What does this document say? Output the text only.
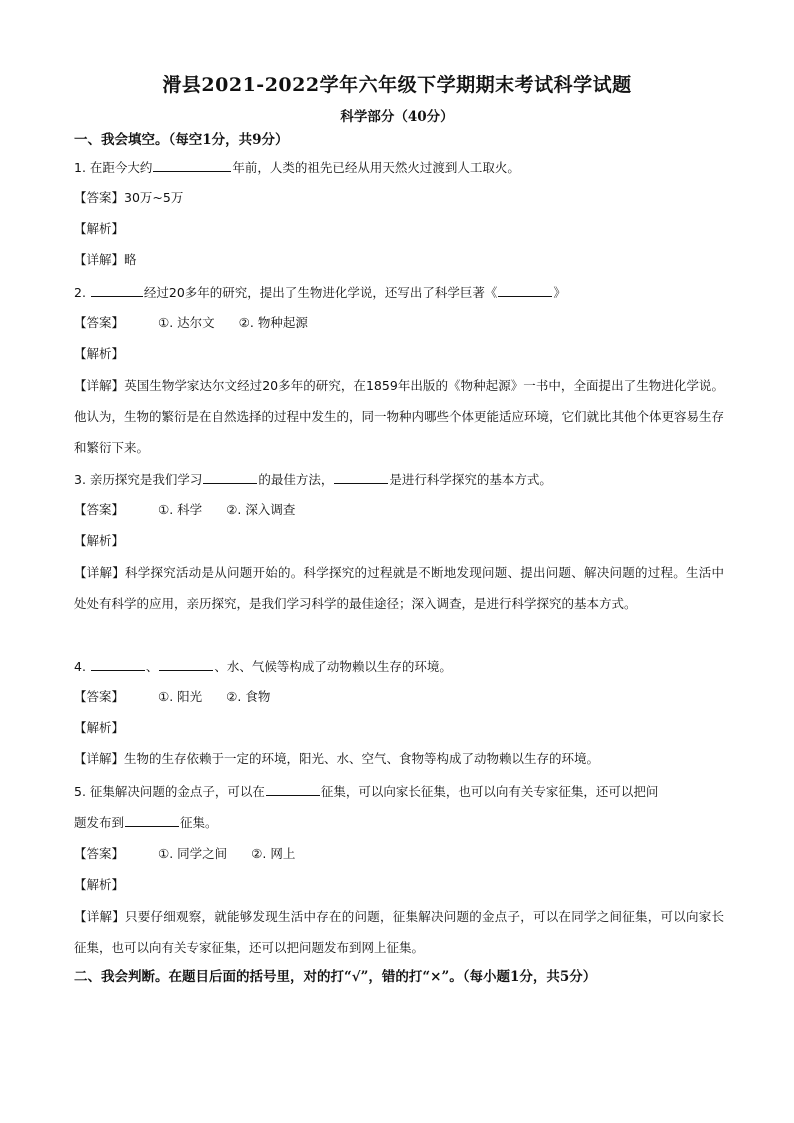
滑县2021-2022学年六年级下学期期末考试科学试题
科学部分（40分）
一、我会填空。（每空1分，共9分）
1. 在距今大约	年前，人类的祖先已经从用天然火过渡到人工取火。
【答案】30万~5万
【解析】
【详解】略
2.	经过20多年的研究，提出了生物进化学说，还写出了科学巨著《	》
【答案】	①. 达尔文 ②. 物种起源
【解析】
【详解】英国生物学家达尔文经过20多年的研究，在1859年出版的《物种起源》一书中，全面提出了生物进化学说。他认为，生物的繁衍是在自然选择的过程中发生的，同一物种内哪些个体更能适应环境，它们就比其他个体更容易生存和繁衍下来。
3. 亲历探究是我们学习	的最佳方法，	是进行科学探究的基本方式。
【答案】	①. 科学 ②. 深入调查
【解析】
【详解】科学探究活动是从问题开始的。科学探究的过程就是不断地发现问题、提出问题、解决问题的过程。生活中处处有科学的应用，亲历探究，是我们学习科学的最佳途径；深入调查，是进行科学探究的基本方式。
4.	、	、水、气候等构成了动物赖以生存的环境。
【答案】	①. 阳光 ②. 食物
【解析】
【详解】生物的生存依赖于一定的环境，阳光、水、空气、食物等构成了动物赖以生存的环境。
5. 征集解决问题的金点子，可以在	征集，可以向家长征集，也可以向有关专家征集，还可以把问
题发布到	征集。
【答案】	①. 同学之间 ②. 网上
【解析】
【详解】只要仔细观察，就能够发现生活中存在的问题，征集解决问题的金点子，可以在同学之间征集，可以向家长征集，也可以向有关专家征集，还可以把问题发布到网上征集。
二、我会判断。在题目后面的括号里，对的打“√”，错的打“×”。（每小题1分，共5分）
